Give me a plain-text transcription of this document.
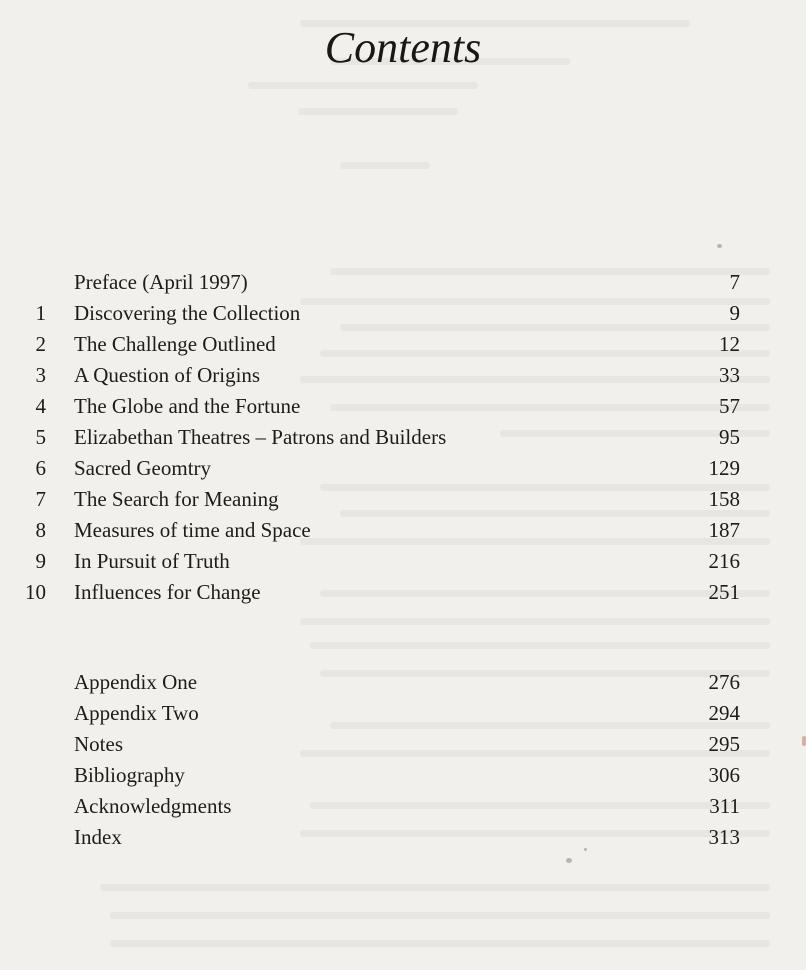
Contents
Preface (April 1997)	7
1 Discovering the Collection	9
2 The Challenge Outlined	12
3 A Question of Origins	33
4 The Globe and the Fortune	57
5 Elizabethan Theatres – Patrons and Builders	95
6 Sacred Geomtry	129
7 The Search for Meaning	158
8 Measures of time and Space	187
9 In Pursuit of Truth	216
10 Influences for Change	251
Appendix One	276
Appendix Two	294
Notes	295
Bibliography	306
Acknowledgments	311
Index	313
